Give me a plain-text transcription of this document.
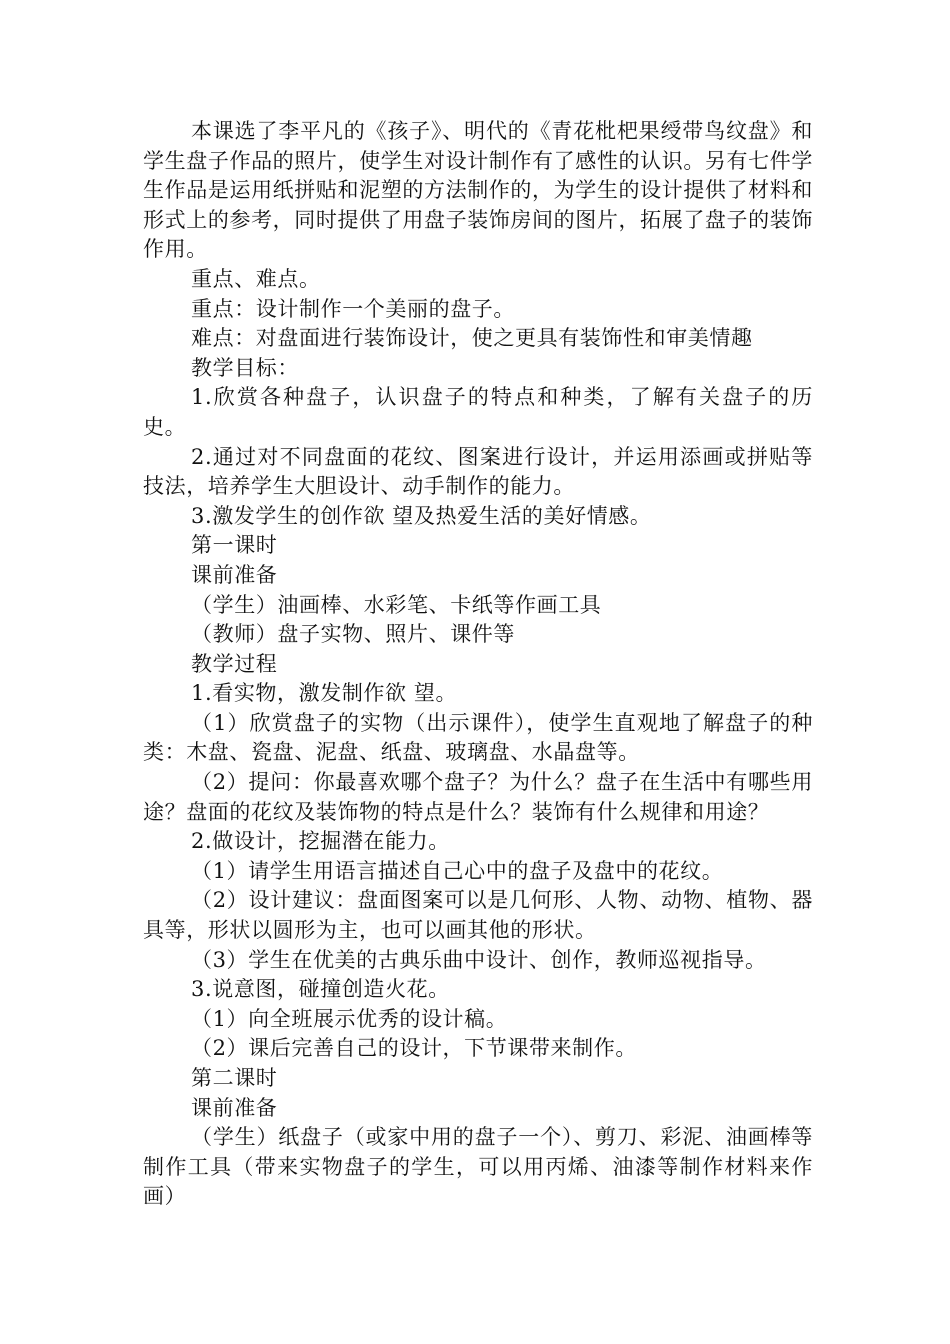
本课选了李平凡的《孩子》、明代的《青花枇杷果绶带鸟纹盘》和学生盘子作品的照片，使学生对设计制作有了感性的认识。另有七件学生作品是运用纸拼贴和泥塑的方法制作的，为学生的设计提供了材料和形式上的参考，同时提供了用盘子装饰房间的图片，拓展了盘子的装饰作用。

重点、难点。

重点：设计制作一个美丽的盘子。

难点：对盘面进行装饰设计，使之更具有装饰性和审美情趣

教学目标：

1.欣赏各种盘子，认识盘子的特点和种类，了解有关盘子的历史。

2.通过对不同盘面的花纹、图案进行设计，并运用添画或拼贴等技法，培养学生大胆设计、动手制作的能力。

3.激发学生的创作欲 望及热爱生活的美好情感。

第一课时

课前准备

（学生）油画棒、水彩笔、卡纸等作画工具

（教师）盘子实物、照片、课件等

教学过程

1.看实物，激发制作欲 望。

（1）欣赏盘子的实物（出示课件），使学生直观地了解盘子的种类：木盘、瓷盘、泥盘、纸盘、玻璃盘、水晶盘等。

（2）提问：你最喜欢哪个盘子？为什么？盘子在生活中有哪些用途？盘面的花纹及装饰物的特点是什么？装饰有什么规律和用途？

2.做设计，挖掘潜在能力。

（1）请学生用语言描述自己心中的盘子及盘中的花纹。

（2）设计建议：盘面图案可以是几何形、人物、动物、植物、器具等，形状以圆形为主，也可以画其他的形状。

（3）学生在优美的古典乐曲中设计、创作，教师巡视指导。

3.说意图，碰撞创造火花。

（1）向全班展示优秀的设计稿。

（2）课后完善自己的设计，下节课带来制作。

第二课时

课前准备

（学生）纸盘子（或家中用的盘子一个）、剪刀、彩泥、油画棒等制作工具（带来实物盘子的学生，可以用丙烯、油漆等制作材料来作画）
